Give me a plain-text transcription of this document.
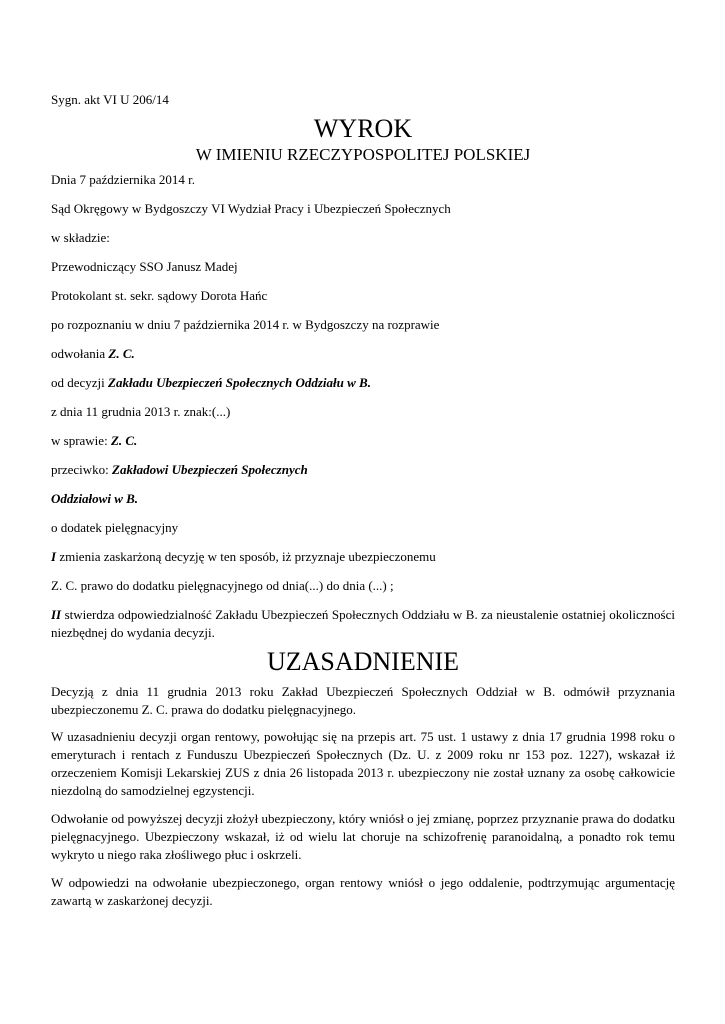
Sygn. akt VI U 206/14
WYROK
W IMIENIU RZECZYPOSPOLITEJ POLSKIEJ
Dnia 7 października 2014 r.
Sąd Okręgowy w Bydgoszczy VI Wydział Pracy i Ubezpieczeń Społecznych
w składzie:
Przewodniczący SSO Janusz Madej
Protokolant st. sekr. sądowy Dorota Hańc
po rozpoznaniu w dniu 7 października 2014 r. w Bydgoszczy na rozprawie
odwołania Z. C.
od decyzji Zakładu Ubezpieczeń Społecznych Oddziału w B.
z dnia 11 grudnia 2013 r. znak:(...)
w sprawie: Z. C.
przeciwko: Zakładowi Ubezpieczeń Społecznych
Oddziałowi w B.
o dodatek pielęgnacyjny
I zmienia zaskarżoną decyzję w ten sposób, iż przyznaje ubezpieczonemu
Z. C. prawo do dodatku pielęgnacyjnego od dnia(...) do dnia (...) ;
II stwierdza odpowiedzialność Zakładu Ubezpieczeń Społecznych Oddziału w B. za nieustalenie ostatniej okoliczności niezbędnej do wydania decyzji.
UZASADNIENIE
Decyzją z dnia 11 grudnia 2013 roku Zakład Ubezpieczeń Społecznych Oddział w B. odmówił przyznania ubezpieczonemu Z. C. prawa do dodatku pielęgnacyjnego.
W uzasadnieniu decyzji organ rentowy, powołując się na przepis art. 75 ust. 1 ustawy z dnia 17 grudnia 1998 roku o emeryturach i rentach z Funduszu Ubezpieczeń Społecznych (Dz. U. z 2009 roku nr 153 poz. 1227), wskazał iż orzeczeniem Komisji Lekarskiej ZUS z dnia 26 listopada 2013 r. ubezpieczony nie został uznany za osobę całkowicie niezdolną do samodzielnej egzystencji.
Odwołanie od powyższej decyzji złożył ubezpieczony, który wniósł o jej zmianę, poprzez przyznanie prawa do dodatku pielęgnacyjnego. Ubezpieczony wskazał, iż od wielu lat choruje na schizofrenię paranoidalną, a ponadto rok temu wykryto u niego raka złośliwego płuc i oskrzeli.
W odpowiedzi na odwołanie ubezpieczonego, organ rentowy wniósł o jego oddalenie, podtrzymując argumentację zawartą w zaskarżonej decyzji.
